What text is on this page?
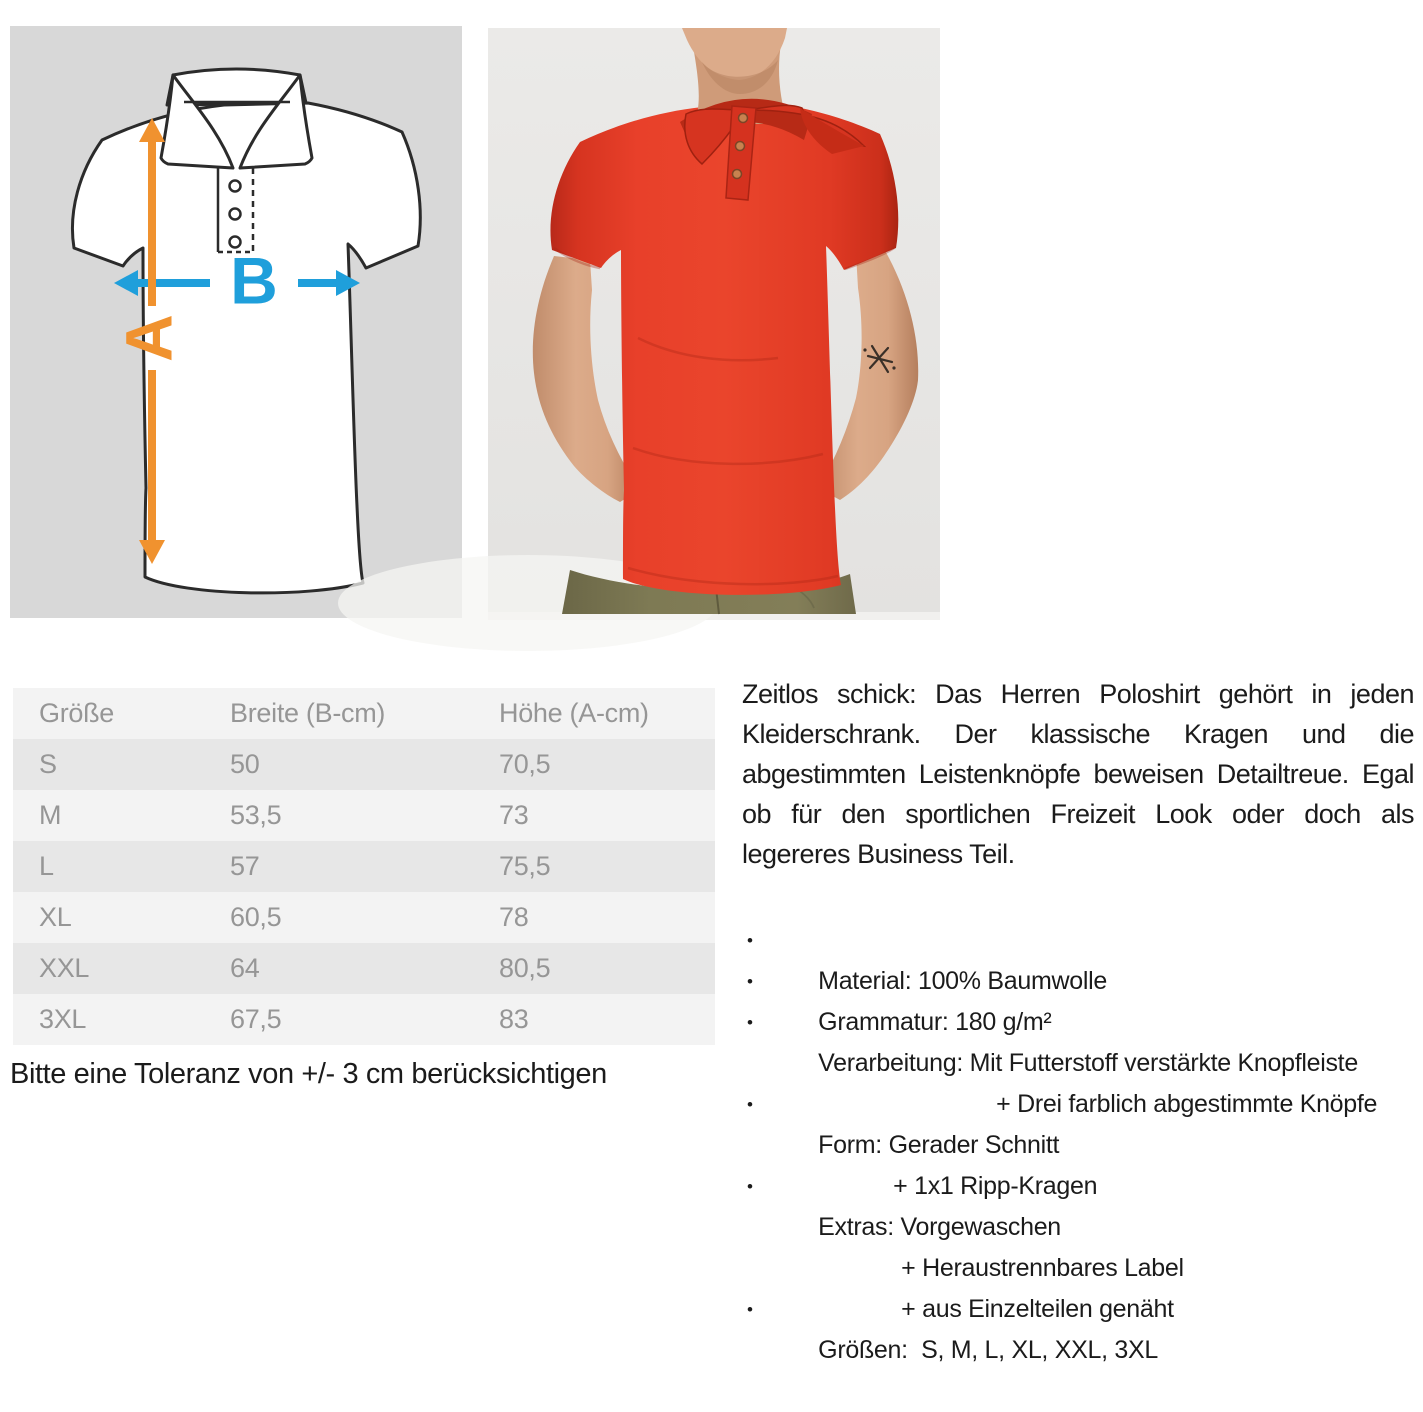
B
A
Größe	Breite (B-cm)	Höhe (A-cm)
S	50	70,5
M	53,5	73
L	57	75,5
XL	60,5	78
XXL	64	80,5
3XL	67,5	83
Bitte eine Toleranz von +/- 3 cm berücksichtigen

Zeitlos schick: Das Herren Poloshirt gehört in jeden Kleiderschrank. Der klassische Kragen und die abgestimmten Leistenknöpfe beweisen Detailtreue. Egal ob für den sportlichen Freizeit Look oder doch als legereres Business Teil.

•
Material: 100% Baumwolle

•
Grammatur: 180 g/m²

•
Verarbeitung: Mit Futterstoff verstärkte Knopfleiste

+ Drei farblich abgestimmte Knöpfe

•
Form: Gerader Schnitt

+ 1x1 Ripp-Kragen

•
Extras: Vorgewaschen

+ Heraustrennbares Label

+ aus Einzelteilen genäht

•
Größen:  S, M, L, XL, XXL, 3XL
